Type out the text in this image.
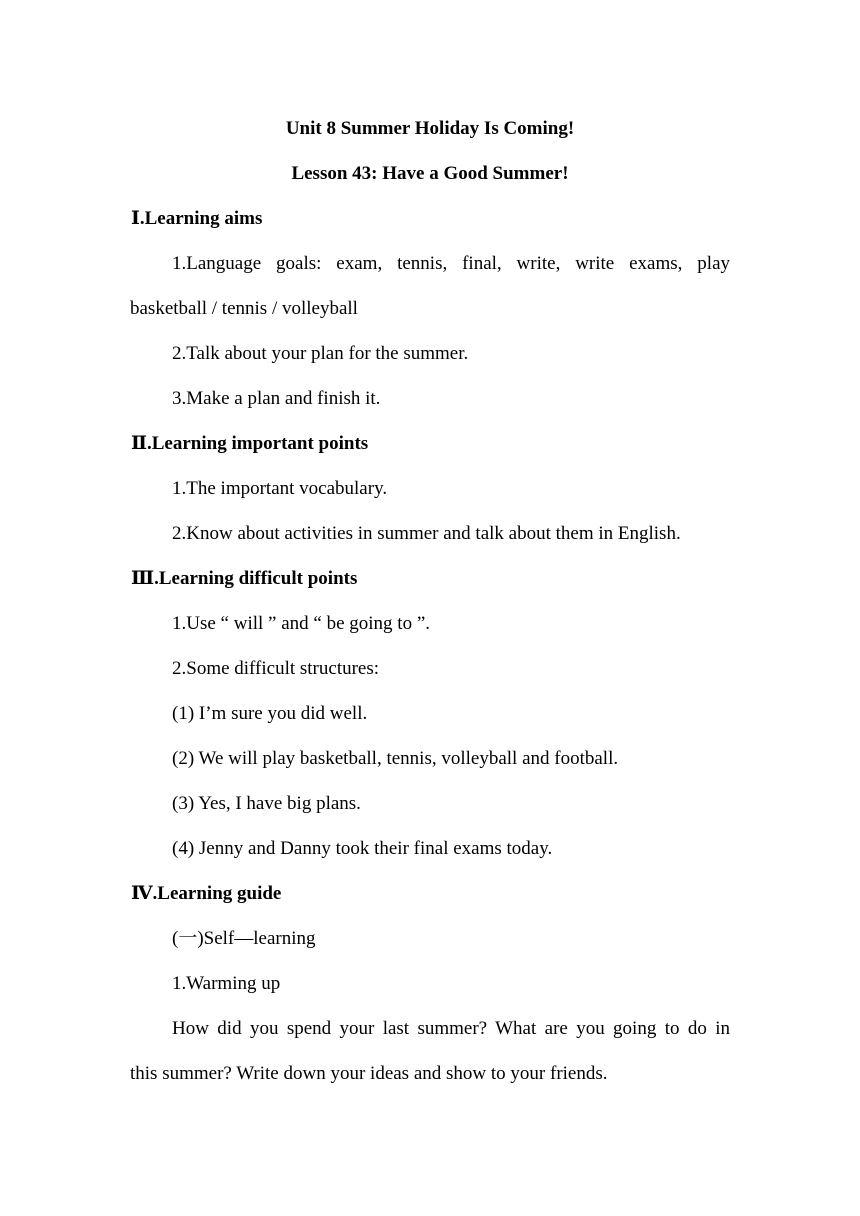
Unit 8 Summer Holiday Is Coming!
Lesson 43: Have a Good Summer!
Ⅰ.Learning aims
1.Language goals: exam, tennis, final, write, write exams, play
basketball / tennis / volleyball
2.Talk about your plan for the summer.
3.Make a plan and finish it.
Ⅱ.Learning important points
1.The important vocabulary.
2.Know about activities in summer and talk about them in English.
Ⅲ.Learning difficult points
1.Use “ will ” and “ be going to ”.
2.Some difficult structures:
(1) I’m sure you did well.
(2) We will play basketball, tennis, volleyball and football.
(3) Yes, I have big plans.
(4) Jenny and Danny took their final exams today.
Ⅳ.Learning guide
(一)Self—learning
1.Warming up
How did you spend your last summer? What are you going to do in
this summer? Write down your ideas and show to your friends.
